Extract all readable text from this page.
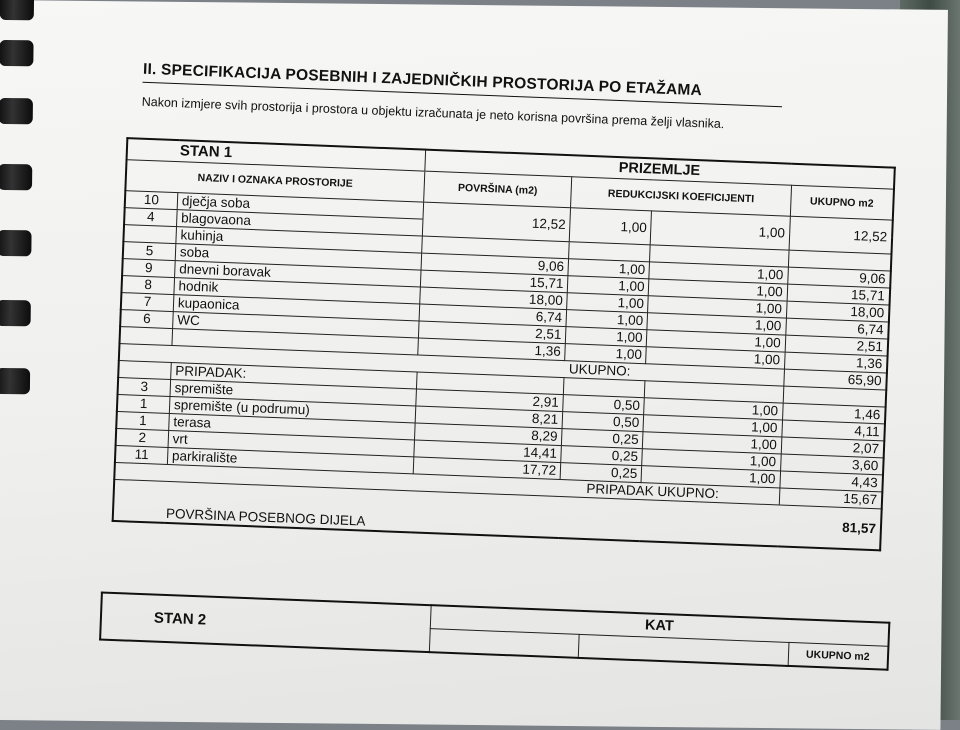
II. SPECIFIKACIJA POSEBNIH I ZAJEDNIČKIH PROSTORIJA PO ETAŽAMA
Nakon izmjere svih prostorija i prostora u objektu izračunata je neto korisna površina prema želji vlasnika.
STAN 1		PRIZEMLJE			
NAZIV I OZNAKA PROSTORIJE		POVRŠINA (m2)	REDUKCIJSKI KOEFICIJENTI		UKUPNO m2
10	dječja soba	12,52	1,00	1,00	12,52
4	blagovaona				
	kuhinja				
5	soba	9,06	1,00	1,00	9,06
9	dnevni boravak	15,71	1,00	1,00	15,71
8	hodnik	18,00	1,00	1,00	18,00
7	kupaonica	6,74	1,00	1,00	6,74
6	WC	2,51	1,00	1,00	2,51
		1,36	1,00	1,00	1,36
UKUPNO:					65,90
	PRIPADAK:				
3	spremište	2,91	0,50	1,00	1,46
1	spremište (u podrumu)	8,21	0,50	1,00	4,11
1	terasa	8,29	0,25	1,00	2,07
2	vrt	14,41	0,25	1,00	3,60
11	parkiralište	17,72	0,25	1,00	4,43
PRIPADAK UKUPNO:					15,67
POVRŠINA POSEBNOG DIJELA					81,57
STAN 2	KAT		
			UKUPNO m2
